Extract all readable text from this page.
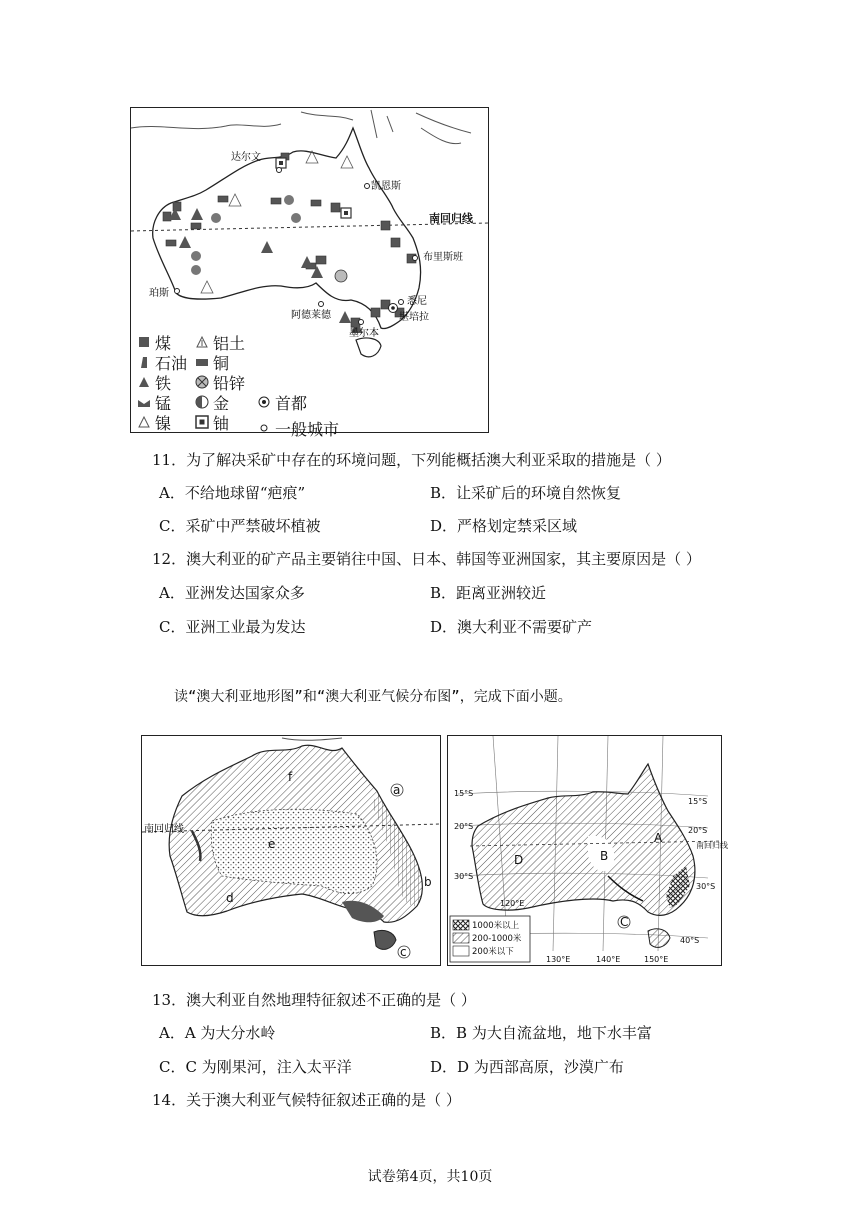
南回归线
达尔文
凯恩斯
布里斯班
珀斯
阿德莱德
悉尼
堪培拉
墨尔本
煤
石油
铁
锰
镍
铝土
铜
铅锌
金
铀
首都
一般城市
11．为了解决采矿中存在的环境问题，下列能概括澳大利亚采取的措施是（ ）
A．不给地球留“疤痕”	B．让采矿后的环境自然恢复
C．采矿中严禁破坏植被	D．严格划定禁采区域
12．澳大利亚的矿产品主要销往中国、日本、韩国等亚洲国家，其主要原因是（ ）
A．亚洲发达国家众多	B．距离亚洲较近
C．亚洲工业最为发达	D．澳大利亚不需要矿产
读“澳大利亚地形图”和“澳大利亚气候分布图”，完成下面小题。
南回归线
a
b
c
d
e
f
15°S
15°S
20°S	20°S
30°S
30°S
40°S
120°E
130°E	140°E	150°E
南回归线
A
B
C
D
1000米以上
200-1000米
200米以下
13．澳大利亚自然地理特征叙述不正确的是（ ）
A．A 为大分水岭	B．B 为大自流盆地，地下水丰富
C．C 为刚果河，注入太平洋	D．D 为西部高原，沙漠广布
14．关于澳大利亚气候特征叙述正确的是（ ）
试卷第4页，共10页
